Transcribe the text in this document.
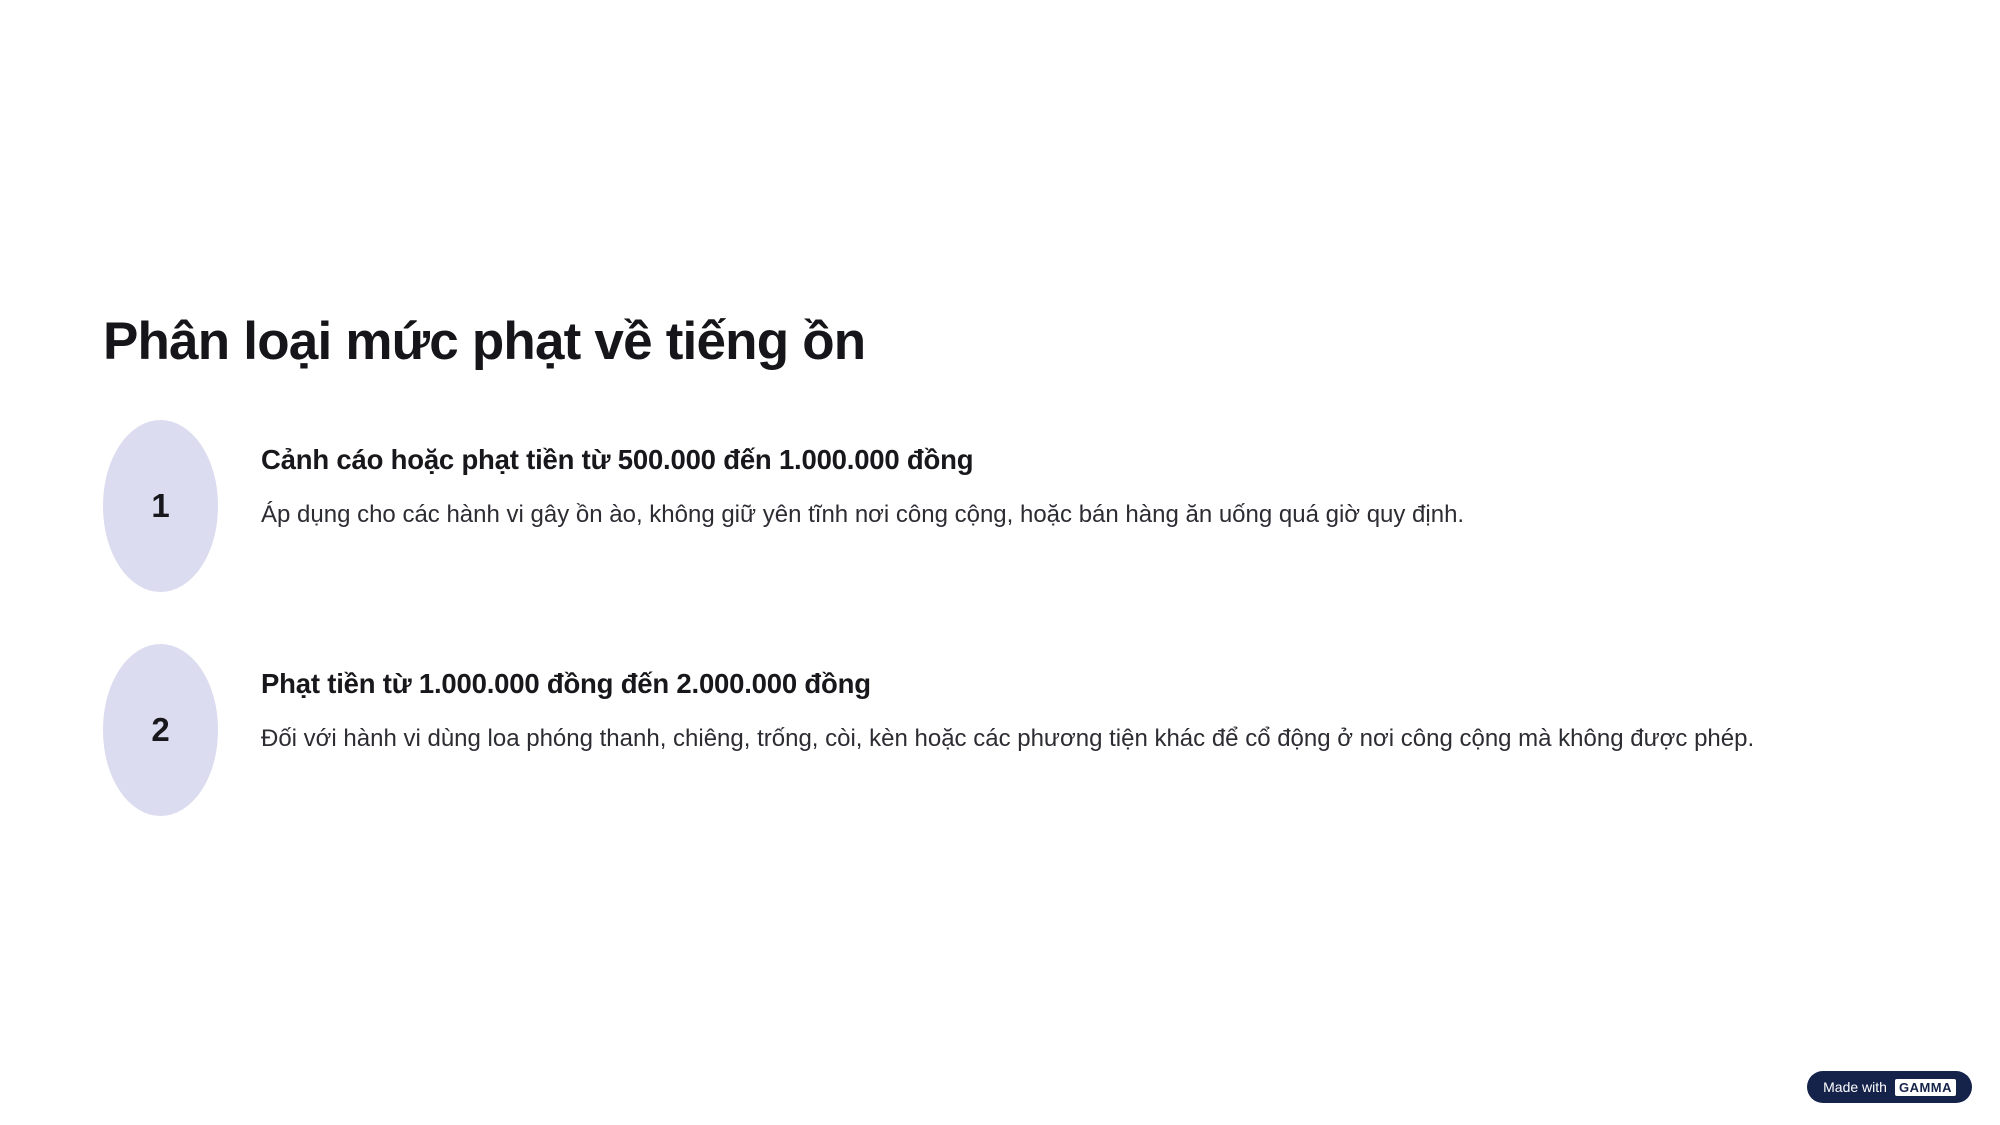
Phân loại mức phạt về tiếng ồn
1
Cảnh cáo hoặc phạt tiền từ 500.000 đến 1.000.000 đồng
Áp dụng cho các hành vi gây ồn ào, không giữ yên tĩnh nơi công cộng, hoặc bán hàng ăn uống quá giờ quy định.
2
Phạt tiền từ 1.000.000 đồng đến 2.000.000 đồng
Đối với hành vi dùng loa phóng thanh, chiêng, trống, còi, kèn hoặc các phương tiện khác để cổ động ở nơi công cộng mà không được phép.
Made with GAMMA
